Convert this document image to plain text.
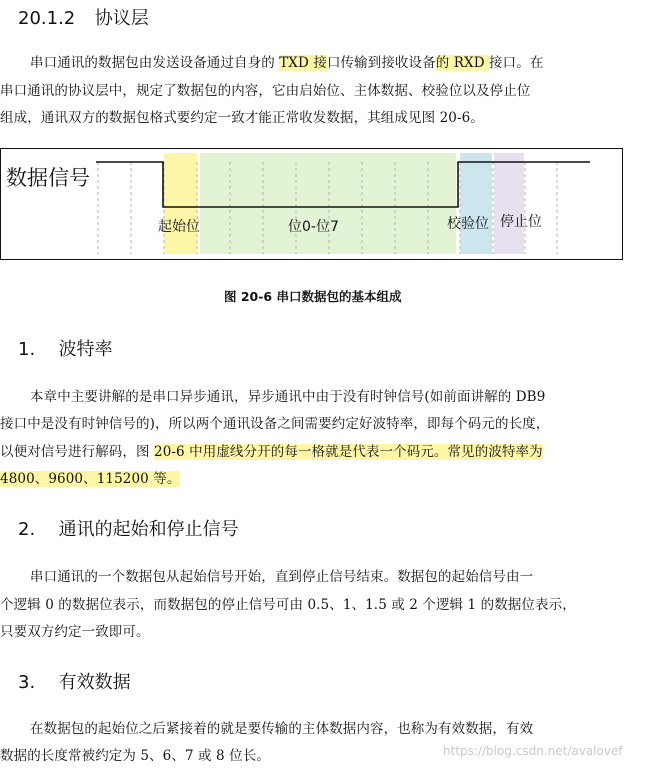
20.1.2 协议层
串口通讯的数据包由发送设备通过自身的 TXD 接口传输到接收设备的 RXD 接口。在
串口通讯的协议层中，规定了数据包的内容，它由启始位、主体数据、校验位以及停止位
组成，通讯双方的数据包格式要约定一致才能正常收发数据，其组成见图 20-6。
数据信号
起始位	位0-位7	校验位 停止位
图 20-6 串口数据包的基本组成
1. 波特率
本章中主要讲解的是串口异步通讯，异步通讯中由于没有时钟信号(如前面讲解的 DB9
接口中是没有时钟信号的)，所以两个通讯设备之间需要约定好波特率，即每个码元的长度，
以便对信号进行解码，图 20-6 中用虚线分开的每一格就是代表一个码元。常见的波特率为
4800、9600、115200 等。
2. 通讯的起始和停止信号
串口通讯的一个数据包从起始信号开始，直到停止信号结束。数据包的起始信号由一
个逻辑 0 的数据位表示，而数据包的停止信号可由 0.5、1、1.5 或 2 个逻辑 1 的数据位表示，
只要双方约定一致即可。
3. 有效数据
在数据包的起始位之后紧接着的就是要传输的主体数据内容，也称为有效数据，有效
数据的长度常被约定为 5、6、7 或 8 位长。	https://blog.csdn.net/avalovef
